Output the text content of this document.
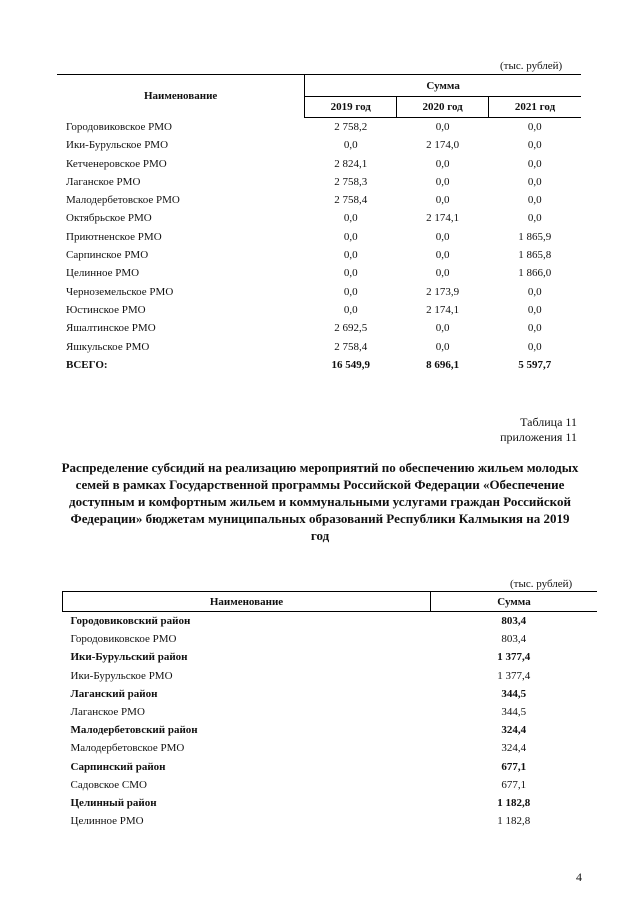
(тыс. рублей)
Наименование	Сумма		
	2019 год	2020 год	2021 год
Городовиковское РМО	2 758,2	0,0	0,0
Ики-Бурульское РМО	0,0	2 174,0	0,0
Кетченеровское РМО	2 824,1	0,0	0,0
Лаганское РМО	2 758,3	0,0	0,0
Малодербетовское РМО	2 758,4	0,0	0,0
Октябрьское РМО	0,0	2 174,1	0,0
Приютненское РМО	0,0	0,0	1 865,9
Сарпинское РМО	0,0	0,0	1 865,8
Целинное РМО	0,0	0,0	1 866,0
Черноземельское РМО	0,0	2 173,9	0,0
Юстинское РМО	0,0	2 174,1	0,0
Яшалтинское РМО	2 692,5	0,0	0,0
Яшкульское РМО	2 758,4	0,0	0,0
ВСЕГО:	16 549,9	8 696,1	5 597,7
Таблица 11
приложения 11
Распределение субсидий на реализацию мероприятий по обеспечению жильем молодых семей в рамках Государственной программы Российской Федерации «Обеспечение доступным и комфортным жильем и коммунальными услугами граждан Российской Федерации» бюджетам муниципальных образований Республики Калмыкия на 2019 год
(тыс. рублей)
Наименование	Сумма
Городовиковский район	803,4
Городовиковское РМО	803,4
Ики-Бурульский район	1 377,4
Ики-Бурульское РМО	1 377,4
Лаганский район	344,5
Лаганское РМО	344,5
Малодербетовский район	324,4
Малодербетовское РМО	324,4
Сарпинский район	677,1
Садовское СМО	677,1
Целинный район	1 182,8
Целинное РМО	1 182,8
4
